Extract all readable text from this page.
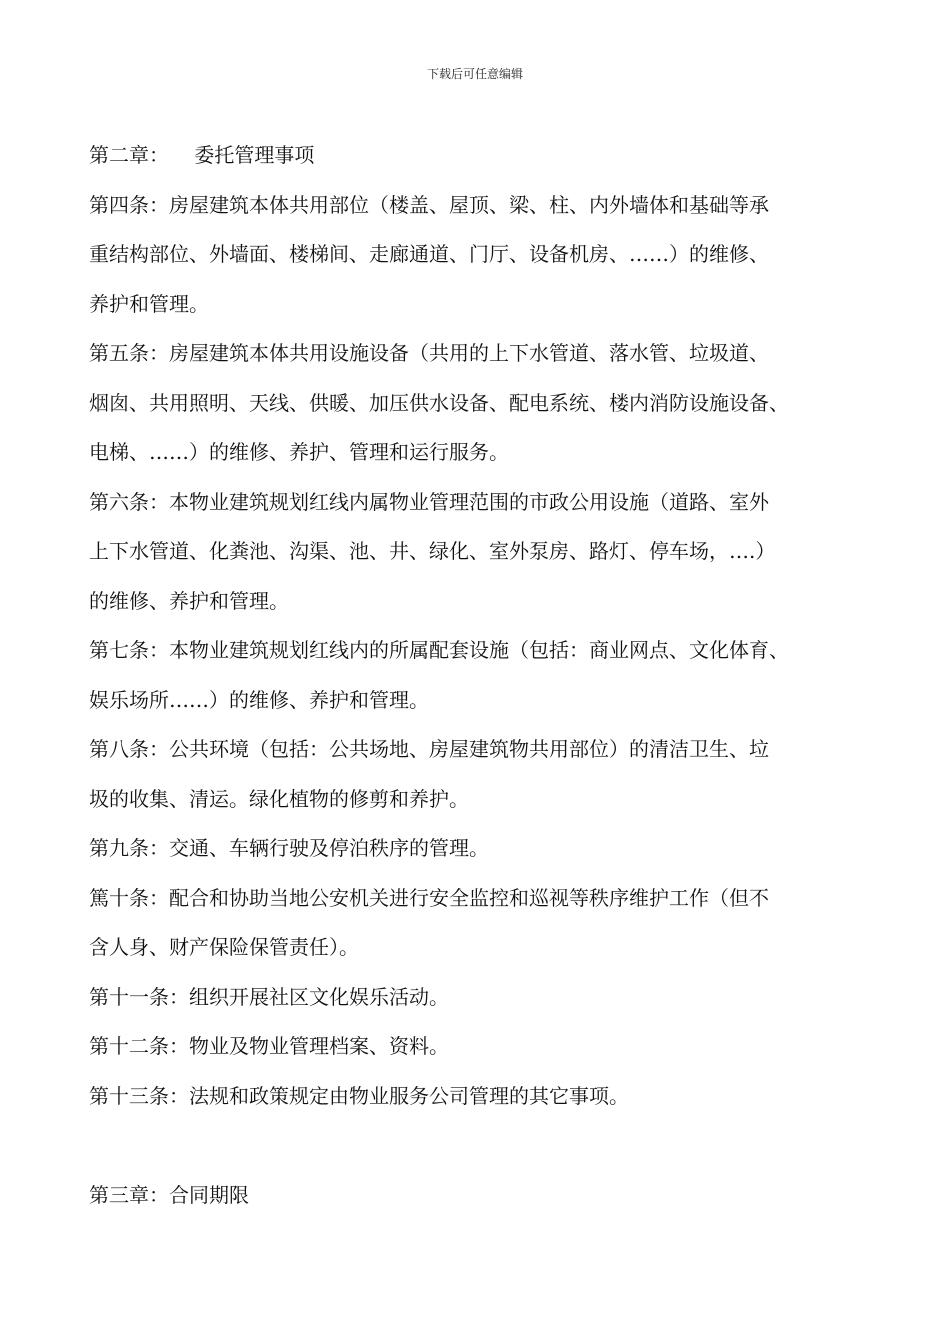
下载后可任意编辑
第二章：    委托管理事项
第四条：房屋建筑本体共用部位（楼盖、屋顶、梁、柱、内外墙体和基础等承
重结构部位、外墙面、楼梯间、走廊通道、门厅、设备机房、……）的维修、
养护和管理。
第五条：房屋建筑本体共用设施设备（共用的上下水管道、落水管、垃圾道、
烟囱、共用照明、天线、供暖、加压供水设备、配电系统、楼内消防设施设备、
电梯、……）的维修、养护、管理和运行服务。
第六条：本物业建筑规划红线内属物业管理范围的市政公用设施（道路、室外
上下水管道、化粪池、沟渠、池、井、绿化、室外泵房、路灯、停车场，….）
的维修、养护和管理。
第七条：本物业建筑规划红线内的所属配套设施（包括：商业网点、文化体育、
娱乐场所……）的维修、养护和管理。
第八条：公共环境（包括：公共场地、房屋建筑物共用部位）的清洁卫生、垃
圾的收集、清运。绿化植物的修剪和养护。
第九条：交通、车辆行驶及停泊秩序的管理。
篤十条：配合和协助当地公安机关进行安全监控和巡视等秩序维护工作（但不
含人身、财产保险保管责任）。
第十一条：组织开展社区文化娱乐活动。
第十二条：物业及物业管理档案、资料。
第十三条：法规和政策规定由物业服务公司管理的其它事项。
第三章：合同期限
